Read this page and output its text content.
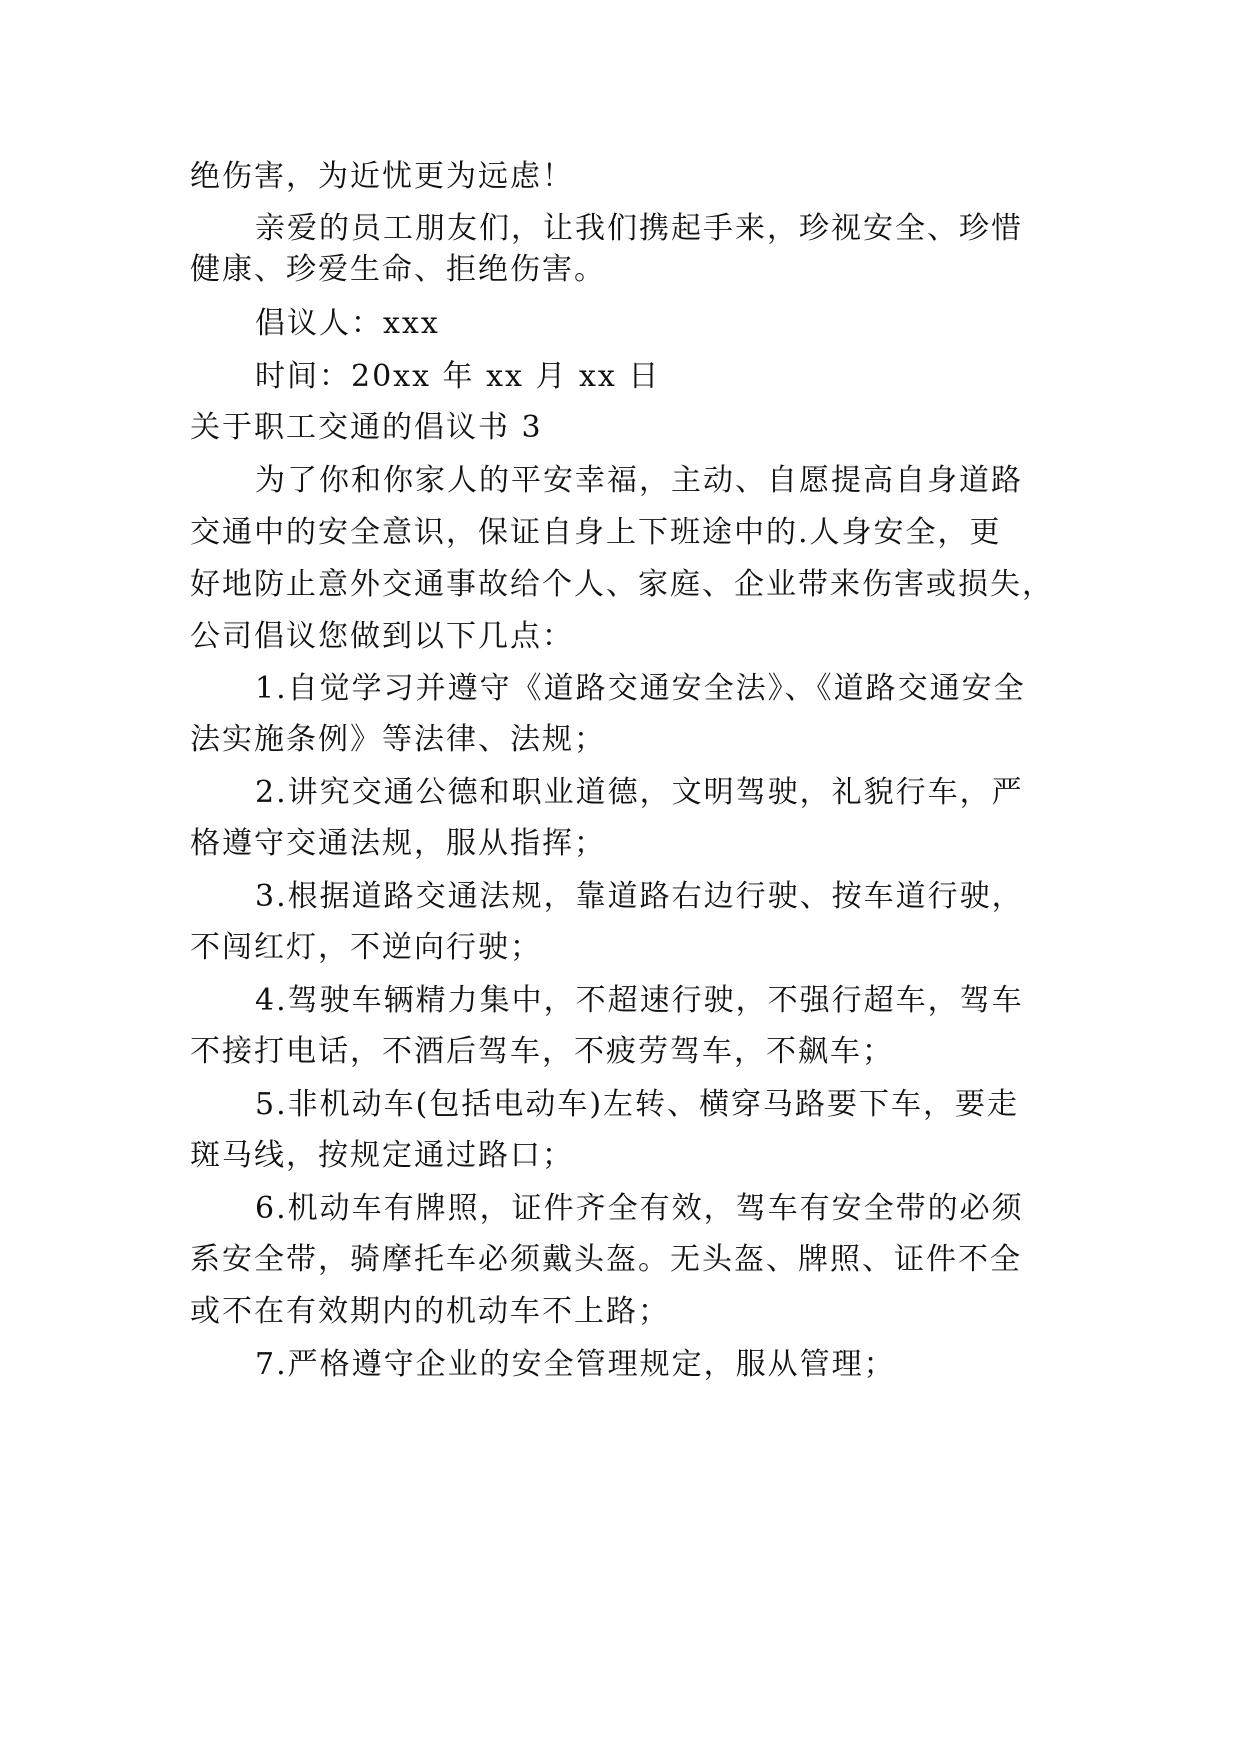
绝伤害，为近忧更为远虑！
亲爱的员工朋友们，让我们携起手来，珍视安全、珍惜
健康、珍爱生命、拒绝伤害。
倡议人：xxx
时间：20xx 年 xx 月 xx 日
关于职工交通的倡议书 3
为了你和你家人的平安幸福，主动、自愿提高自身道路
交通中的安全意识，保证自身上下班途中的.人身安全，更
好地防止意外交通事故给个人、家庭、企业带来伤害或损失，
公司倡议您做到以下几点：
1.自觉学习并遵守《道路交通安全法》、《道路交通安全
法实施条例》等法律、法规；
2.讲究交通公德和职业道德，文明驾驶，礼貌行车，严
格遵守交通法规，服从指挥；
3.根据道路交通法规，靠道路右边行驶、按车道行驶，
不闯红灯，不逆向行驶；
4.驾驶车辆精力集中，不超速行驶，不强行超车，驾车
不接打电话，不酒后驾车，不疲劳驾车，不飙车；
5.非机动车(包括电动车)左转、横穿马路要下车，要走
斑马线，按规定通过路口；
6.机动车有牌照，证件齐全有效，驾车有安全带的必须
系安全带，骑摩托车必须戴头盔。无头盔、牌照、证件不全
或不在有效期内的机动车不上路；
7.严格遵守企业的安全管理规定，服从管理；
